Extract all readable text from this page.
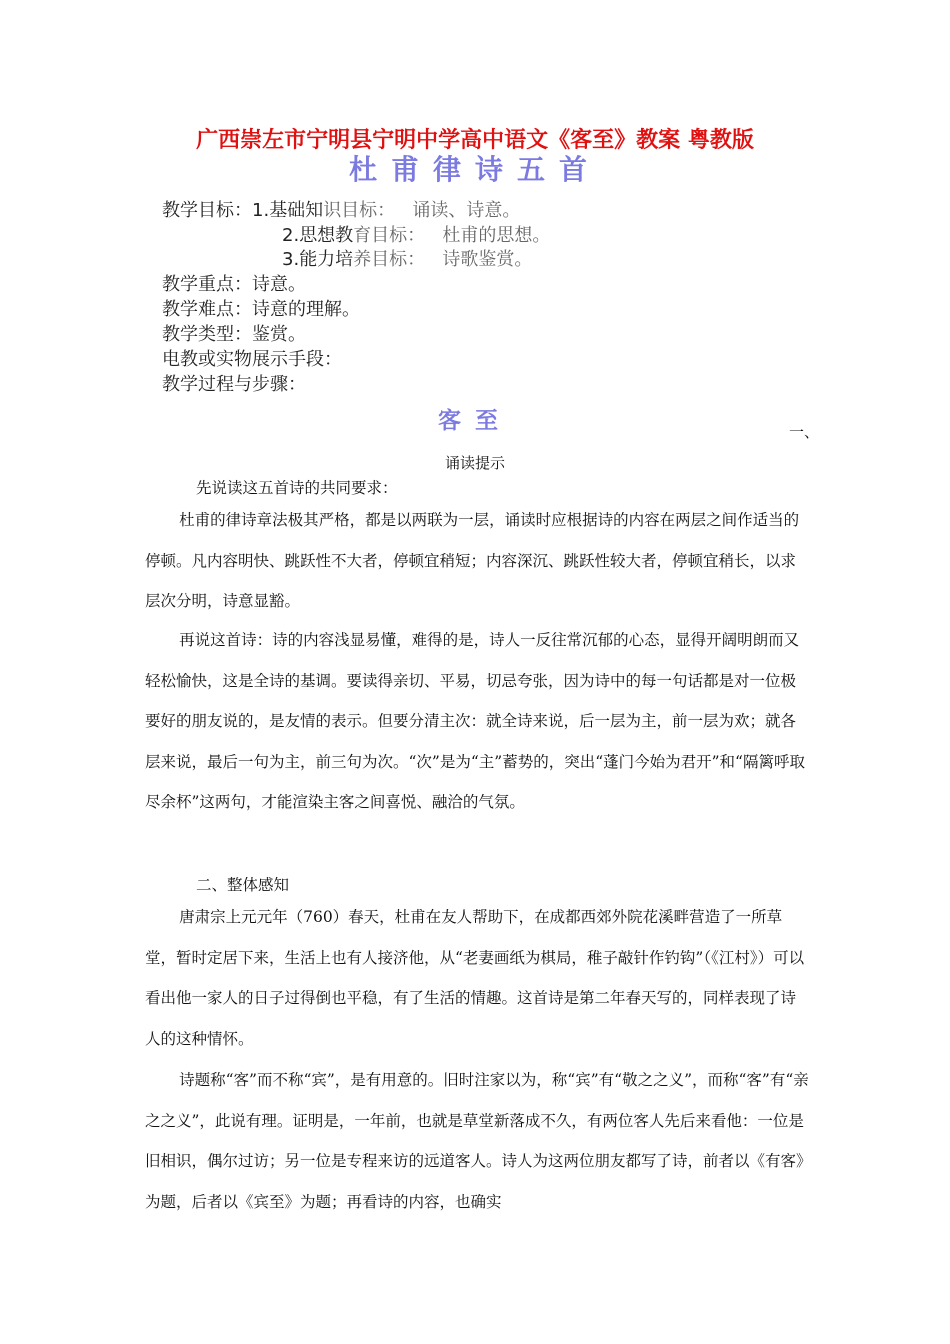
广西崇左市宁明县宁明中学高中语文《客至》教案 粤教版
杜甫律诗五首
教学目标：1.基础知识目标： 诵读、诗意。
2.思想教育目标： 杜甫的思想。
3.能力培养目标： 诗歌鉴赏。
教学重点：诗意。
教学难点：诗意的理解。
教学类型：鉴赏。
电教或实物展示手段：
教学过程与步骤：
客至	一、
诵读提示
先说读这五首诗的共同要求：
杜甫的律诗章法极其严格，都是以两联为一层，诵读时应根据诗的内容在两层之间作适当的停顿。凡内容明快、跳跃性不大者，停顿宜稍短；内容深沉、跳跃性较大者，停顿宜稍长，以求层次分明，诗意显豁。
再说这首诗：诗的内容浅显易懂，难得的是，诗人一反往常沉郁的心态，显得开阔明朗而又轻松愉快，这是全诗的基调。要读得亲切、平易，切忌夸张，因为诗中的每一句话都是对一位极要好的朋友说的，是友情的表示。但要分清主次：就全诗来说，后一层为主，前一层为欢；就各层来说，最后一句为主，前三句为次。“次”是为“主”蓄势的，突出“蓬门今始为君开”和“隔篱呼取尽余杯”这两句，才能渲染主客之间喜悦、融洽的气氛。
二、整体感知
唐肃宗上元元年（760）春天，杜甫在友人帮助下，在成都西郊外院花溪畔营造了一所草堂，暂时定居下来，生活上也有人接济他，从“老妻画纸为棋局，稚子敲针作钓钩”（《江村》）可以看出他一家人的日子过得倒也平稳，有了生活的情趣。这首诗是第二年春天写的，同样表现了诗人的这种情怀。
诗题称“客”而不称“宾”，是有用意的。旧时注家以为，称“宾”有“敬之之义”，而称“客”有“亲之之义”，此说有理。证明是，一年前，也就是草堂新落成不久，有两位客人先后来看他：一位是旧相识，偶尔过访；另一位是专程来访的远道客人。诗人为这两位朋友都写了诗，前者以《有客》为题，后者以《宾至》为题；再看诗的内容，也确实
